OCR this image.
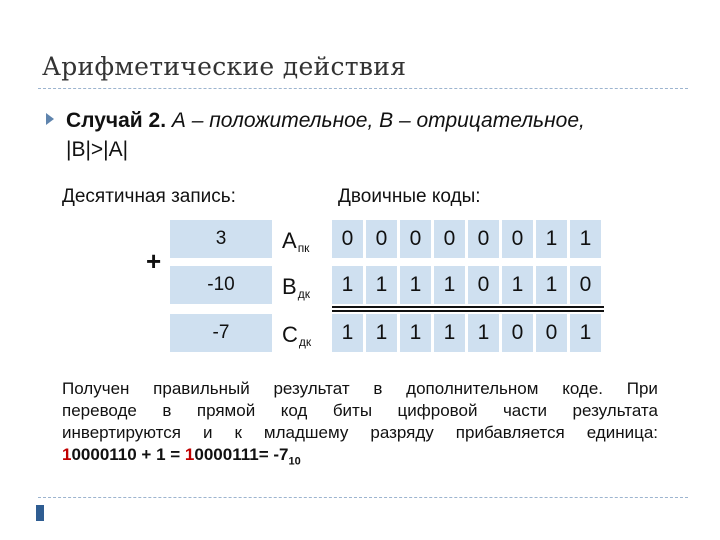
Арифметические действия
Случай 2. А – положительное, В – отрицательное,
|В|>|А|
Десятичная запись:	Двоичные коды:
+
3	$А_{пк}$	0	0	0	0	0	0	1	1
-10	$В_{дк}$	1	1	1	1	0	1	1	0
-7	$С_{дк}$	1	1	1	1	1	0	0	1
Получен правильный результат в дополнительном коде. При
переводе в прямой код биты цифровой части результата
инвертируются и к младшему разряду прибавляется единица:
$10000110 + 1 = 10000111= -7_{10}$
